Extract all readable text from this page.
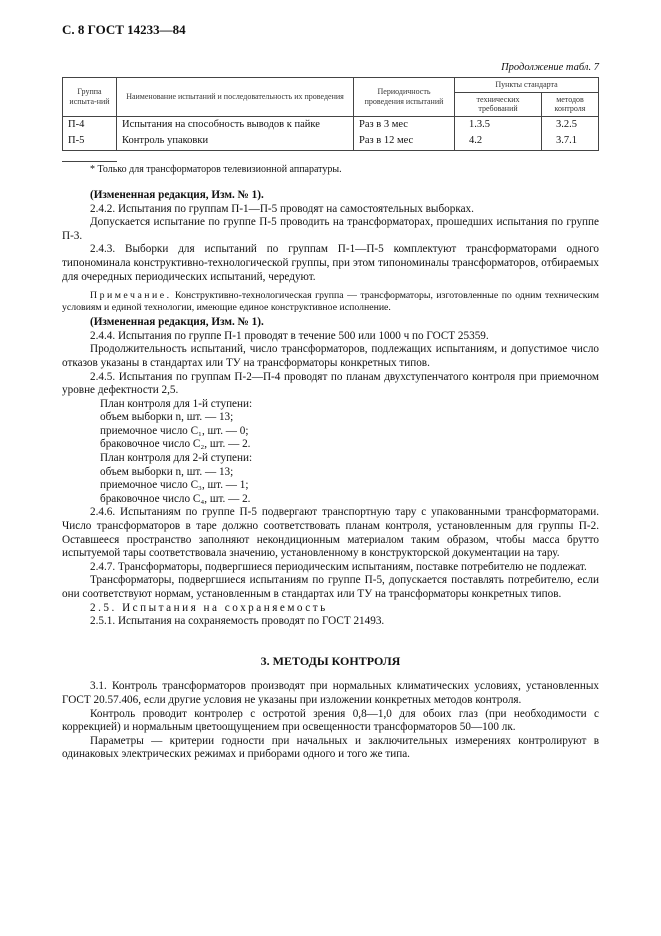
С. 8 ГОСТ 14233—84
Продолжение табл. 7
Группа испыта-ний	Наименование испытаний и последовательность их проведения	Периодичность проведения испытаний	Пункты стандарта	
			технических требований	методов контроля
П-4	Испытания на способность выводов к пайке	Раз в 3 мес	1.3.5	3.2.5
П-5	Контроль упаковки	Раз в 12 мес	4.2	3.7.1
* Только для трансформаторов телевизионной аппаратуры.

(Измененная редакция, Изм. № 1).

2.4.2. Испытания по группам П-1—П-5 проводят на самостоятельных выборках.

Допускается испытание по группе П-5 проводить на трансформаторах, прошедших испытания по группе П-3.

2.4.3. Выборки для испытаний по группам П-1—П-5 комплектуют трансформаторами одного типономинала конструктивно-технологической группы, при этом типономиналы трансформаторов, отбираемых для очередных периодических испытаний, чередуют.

Примечание. Конструктивно-технологическая группа — трансформаторы, изготовленные по одним техническим условиям и единой технологии, имеющие единое конструктивное исполнение.

(Измененная редакция, Изм. № 1).

2.4.4. Испытания по группе П-1 проводят в течение 500 или 1000 ч по ГОСТ 25359.

Продолжительность испытаний, число трансформаторов, подлежащих испытаниям, и допустимое число отказов указаны в стандартах или ТУ на трансформаторы конкретных типов.

2.4.5. Испытания по группам П-2—П-4 проводят по планам двухступенчатого контроля при приемочном уровне дефектности 2,5.

План контроля для 1-й ступени:

объем выборки n, шт. — 13;

приемочное число C₁, шт. — 0;

браковочное число C₂, шт. — 2.

План контроля для 2-й ступени:

объем выборки n, шт. — 13;

приемочное число C₃, шт. — 1;

браковочное число C₄, шт. — 2.

2.4.6. Испытаниям по группе П-5 подвергают транспортную тару с упакованными трансформаторами. Число трансформаторов в таре должно соответствовать планам контроля, установленным для группы П-2. Оставшееся пространство заполняют некондиционным материалом таким образом, чтобы масса брутто испытуемой тары соответствовала значению, установленному в конструкторской документации на тару.

2.4.7. Трансформаторы, подвергшиеся периодическим испытаниям, поставке потребителю не подлежат.

Трансформаторы, подвергшиеся испытаниям по группе П-5, допускается поставлять потребителю, если они соответствуют нормам, установленным в стандартах или ТУ на трансформаторы конкретных типов.

2.5. Испытания на сохраняемость

2.5.1. Испытания на сохраняемость проводят по ГОСТ 21493.

3. МЕТОДЫ КОНТРОЛЯ

3.1. Контроль трансформаторов производят при нормальных климатических условиях, установленных ГОСТ 20.57.406, если другие условия не указаны при изложении конкретных методов контроля.

Контроль проводит контролер с остротой зрения 0,8—1,0 для обоих глаз (при необходимости с коррекцией) и нормальным цветоощущением при освещенности трансформаторов 50—100 лк.

Параметры — критерии годности при начальных и заключительных измерениях контролируют в одинаковых электрических режимах и приборами одного и того же типа.
